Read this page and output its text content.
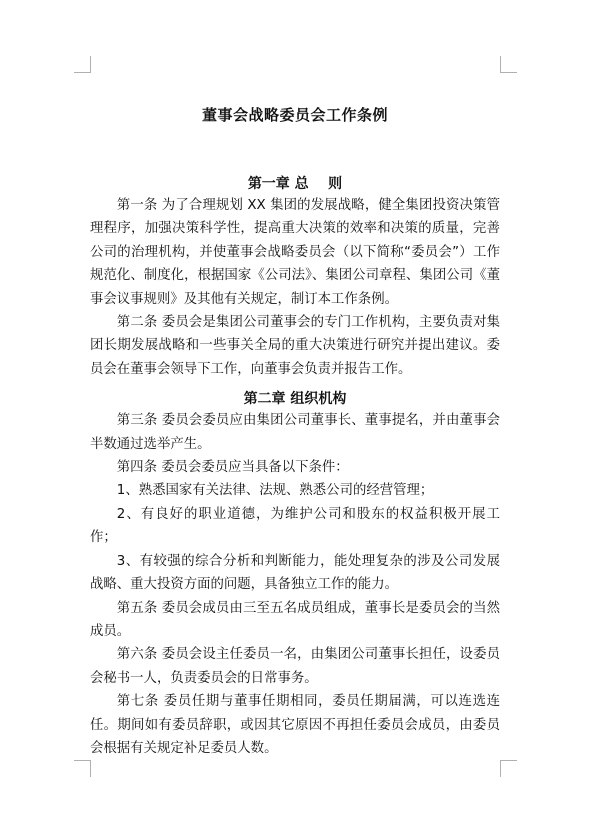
董事会战略委员会工作条例
第一章 总    则

第一条 为了合理规划 XX 集团的发展战略，健全集团投资决策管理程序，加强决策科学性，提高重大决策的效率和决策的质量，完善公司的治理机构，并使董事会战略委员会（以下简称“委员会”）工作规范化、制度化，根据国家《公司法》、集团公司章程、集团公司《董事会议事规则》及其他有关规定，制订本工作条例。

第二条 委员会是集团公司董事会的专门工作机构，主要负责对集团长期发展战略和一些事关全局的重大决策进行研究并提出建议。委员会在董事会领导下工作，向董事会负责并报告工作。

第二章 组织机构

第三条 委员会委员应由集团公司董事长、董事提名，并由董事会半数通过选举产生。

第四条 委员会委员应当具备以下条件：

1、熟悉国家有关法律、法规、熟悉公司的经营管理；

2、有良好的职业道德，为维护公司和股东的权益积极开展工作；

3、有较强的综合分析和判断能力，能处理复杂的涉及公司发展战略、重大投资方面的问题，具备独立工作的能力。

第五条 委员会成员由三至五名成员组成，董事长是委员会的当然成员。

第六条 委员会设主任委员一名，由集团公司董事长担任，设委员会秘书一人，负责委员会的日常事务。

第七条 委员任期与董事任期相同，委员任期届满，可以连选连任。期间如有委员辞职，或因其它原因不再担任委员会成员，由委员会根据有关规定补足委员人数。
